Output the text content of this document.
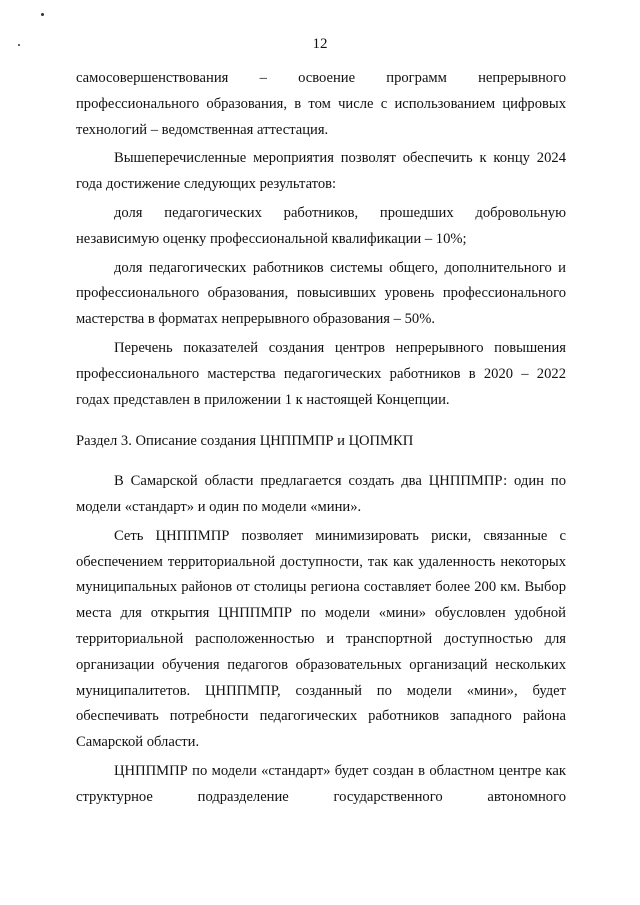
12

самосовершенствования – освоение программ непрерывного профессионального образования, в том числе с использованием цифровых технологий – ведомственная аттестация.

Вышеперечисленные мероприятия позволят обеспечить к концу 2024 года достижение следующих результатов:

доля педагогических работников, прошедших добровольную независимую оценку профессиональной квалификации – 10%;

доля педагогических работников системы общего, дополнительного и профессионального образования, повысивших уровень профессионального мастерства в форматах непрерывного образования – 50%.

Перечень показателей создания центров непрерывного повышения профессионального мастерства педагогических работников в 2020 – 2022 годах представлен в приложении 1 к настоящей Концепции.

Раздел 3. Описание создания ЦНППМПР и ЦОПМКП

В Самарской области предлагается создать два ЦНППМПР: один по модели «стандарт» и один по модели «мини».

Сеть ЦНППМПР позволяет минимизировать риски, связанные с обеспечением территориальной доступности, так как удаленность некоторых муниципальных районов от столицы региона составляет более 200 км. Выбор места для открытия ЦНППМПР по модели «мини» обусловлен удобной территориальной расположенностью и транспортной доступностью для организации обучения педагогов образовательных организаций нескольких муниципалитетов. ЦНППМПР, созданный по модели «мини», будет обеспечивать потребности педагогических работников западного района Самарской области.

ЦНППМПР по модели «стандарт» будет создан в областном центре как структурное подразделение государственного автономного
